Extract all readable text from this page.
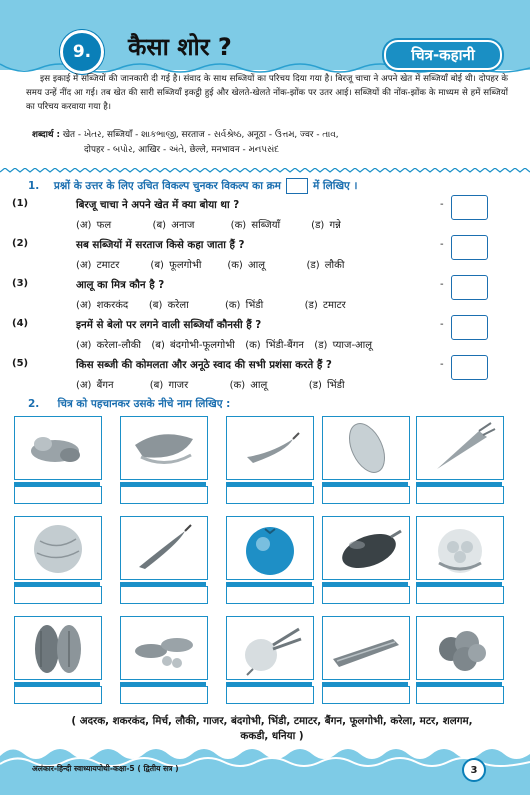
9.	कैसा शोर ?	चित्र-कहानी

इस इकाई में सब्जियों की जानकारी दी गई है। संवाद के साथ सब्जियों का परिचय दिया गया है। बिरजू चाचा ने अपने खेत में सब्जियाँ बोई थी। दोपहर के समय उन्हें नींद आ गई। तब खेत की सारी सब्जियाँ इकट्ठी हुई और खेलते-खेलते नोंक-झोंक पर उतर आई। सब्जियों की नोंक-झोंक के माध्यम से हमें सब्जियों का परिचय करवाया गया है।

शब्दार्थ : खेत - ખેતર, सब्जियाँ - શાકભાજી, सरताज - સર્વશ્રેષ્ઠ, अनूठा - ઉત્તમ, ज्वर - તાવ,
दोपहर - બપોર, आखिर - અંતે, छेल्ले, मनभावन - મનપસંદ
1. प्रश्नों के उत्तर के लिए उचित विकल्प चुनकर विकल्प का क्रम	में लिखिए ।
(1)	बिरजू चाचा ने अपने खेत में क्या बोया था ?
(अ) फल        (ब) अनाज       (क) सब्जियाँ      (ड) गन्ने
-
(2)	सब सब्जियों में सरताज किसे कहा जाता हैं ?
(अ) टमाटर      (ब) फूलगोभी     (क) आलू        (ड) लौकी
-
(3)	आलू का मित्र कौन है ?
(अ) शकरकंद    (ब) करेला       (क) भिंडी        (ड) टमाटर
-
(4)	इनमें से बेलो पर लगने वाली सब्जियाँ कौनसी हैं ?
(अ) करेला-लौकी  (ब) बंदगोभी-फूलगोभी  (क) भिंडी-बैंगन  (ड) प्याज-आलू
-
(5)	किस सब्जी की कोमलता और अनूठे स्वाद की सभी प्रशंसा करते हैं ?
(अ) बैंगन       (ब) गाजर        (क) आलू        (ड) भिंडी
-
2. चित्र को पहचानकर उसके नीचे नाम लिखिए :
( अदरक, शकरकंद, मिर्च, लौकी, गाजर, बंदगोभी, भिंडी, टमाटर, बैंगन, फूलगोभी, करेला, मटर, शलगम, ककडी, धनिया )
अलंकार-हिन्दी स्वाध्यायपोथी-कक्षा-5 ( द्वितीय सत्र )	3
